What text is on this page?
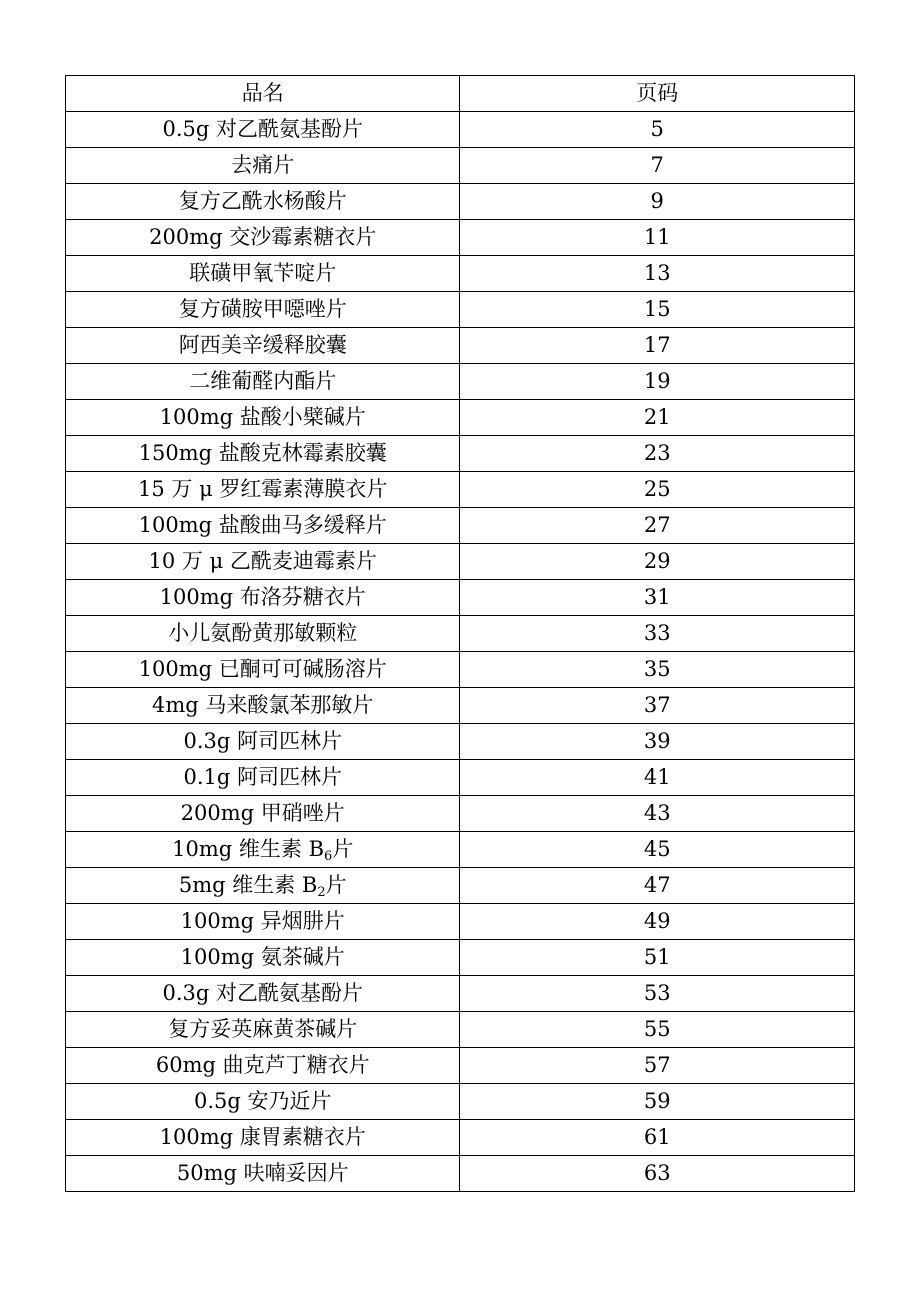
品名	页码
0.5g 对乙酰氨基酚片	5
去痛片	7
复方乙酰水杨酸片	9
200mg 交沙霉素糖衣片	11
联磺甲氧苄啶片	13
复方磺胺甲噁唑片	15
阿西美辛缓释胶囊	17
二维葡醛内酯片	19
100mg 盐酸小檗碱片	21
150mg 盐酸克林霉素胶囊	23
15 万 μ 罗红霉素薄膜衣片	25
100mg 盐酸曲马多缓释片	27
10 万 μ 乙酰麦迪霉素片	29
100mg 布洛芬糖衣片	31
小儿氨酚黄那敏颗粒	33
100mg 已酮可可碱肠溶片	35
4mg 马来酸氯苯那敏片	37
0.3g 阿司匹林片	39
0.1g 阿司匹林片	41
200mg 甲硝唑片	43
10mg 维生素 $B_6$片	45
5mg 维生素 $B_2$片	47
100mg 异烟肼片	49
100mg 氨茶碱片	51
0.3g 对乙酰氨基酚片	53
复方妥英麻黄茶碱片	55
60mg 曲克芦丁糖衣片	57
0.5g 安乃近片	59
100mg 康胃素糖衣片	61
50mg 呋喃妥因片	63
